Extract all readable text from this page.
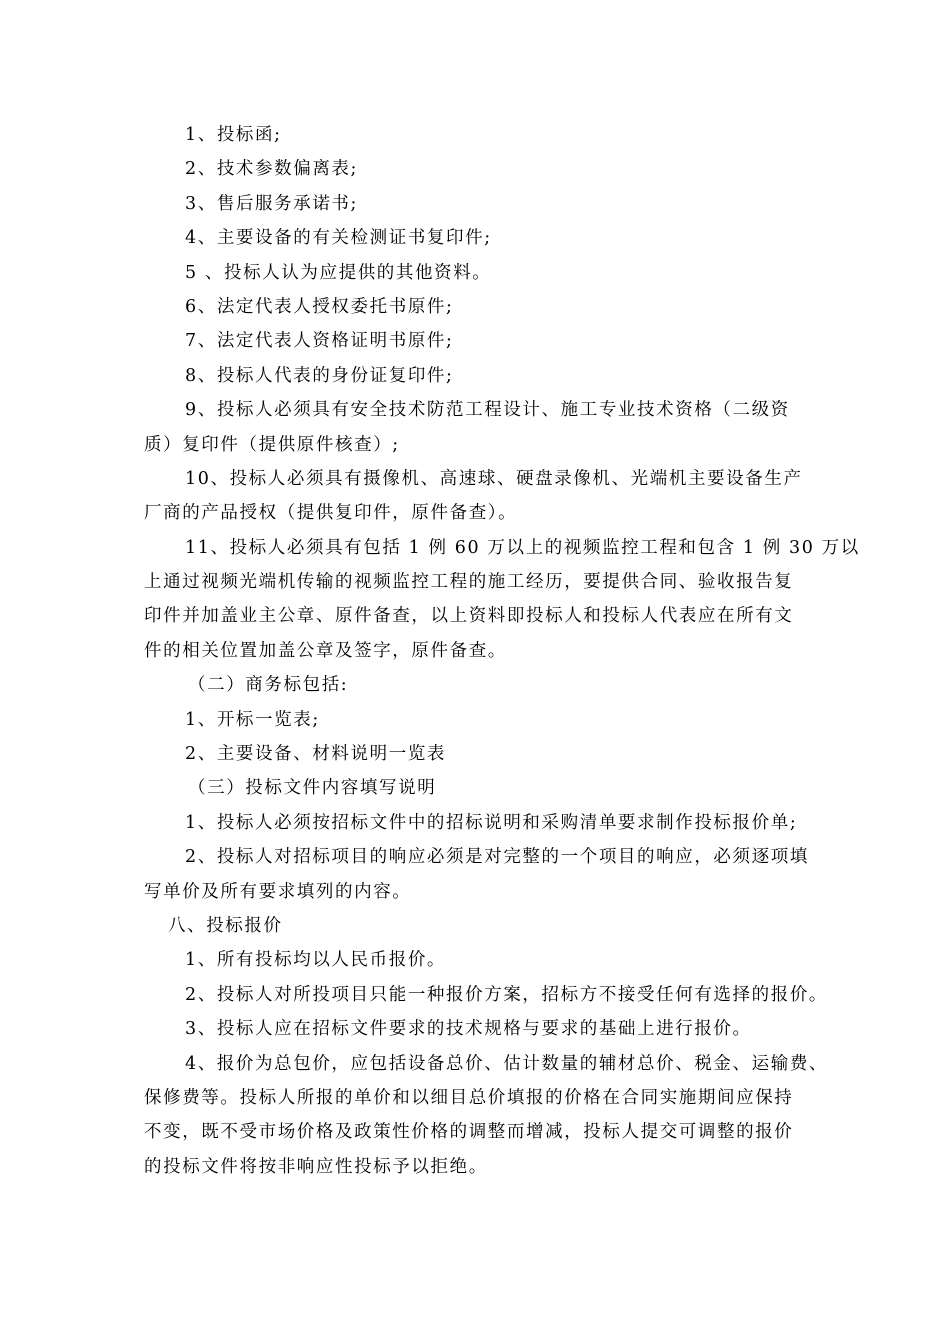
1、投标函;
2、技术参数偏离表;
3、售后服务承诺书;
4、主要设备的有关检测证书复印件;
5 、投标人认为应提供的其他资料。
6、法定代表人授权委托书原件;
7、法定代表人资格证明书原件;
8、投标人代表的身份证复印件;
9、投标人必须具有安全技术防范工程设计、施工专业技术资格（二级资
质）复印件（提供原件核查）;
10、投标人必须具有摄像机、高速球、硬盘录像机、光端机主要设备生产
厂商的产品授权（提供复印件，原件备查）。
11、投标人必须具有包括 1 例 60 万以上的视频监控工程和包含 1 例 30 万以
上通过视频光端机传输的视频监控工程的施工经历，要提供合同、验收报告复
印件并加盖业主公章、原件备查，以上资料即投标人和投标人代表应在所有文
件的相关位置加盖公章及签字，原件备查。
（二）商务标包括:
1、开标一览表;
2、主要设备、材料说明一览表
（三）投标文件内容填写说明
1、投标人必须按招标文件中的招标说明和采购清单要求制作投标报价单;
2、投标人对招标项目的响应必须是对完整的一个项目的响应，必须逐项填
写单价及所有要求填列的内容。
八、投标报价
1、所有投标均以人民币报价。
2、投标人对所投项目只能一种报价方案，招标方不接受任何有选择的报价。
3、投标人应在招标文件要求的技术规格与要求的基础上进行报价。
4、报价为总包价，应包括设备总价、估计数量的辅材总价、税金、运输费、
保修费等。投标人所报的单价和以细目总价填报的价格在合同实施期间应保持
不变，既不受市场价格及政策性价格的调整而增减，投标人提交可调整的报价
的投标文件将按非响应性投标予以拒绝。
